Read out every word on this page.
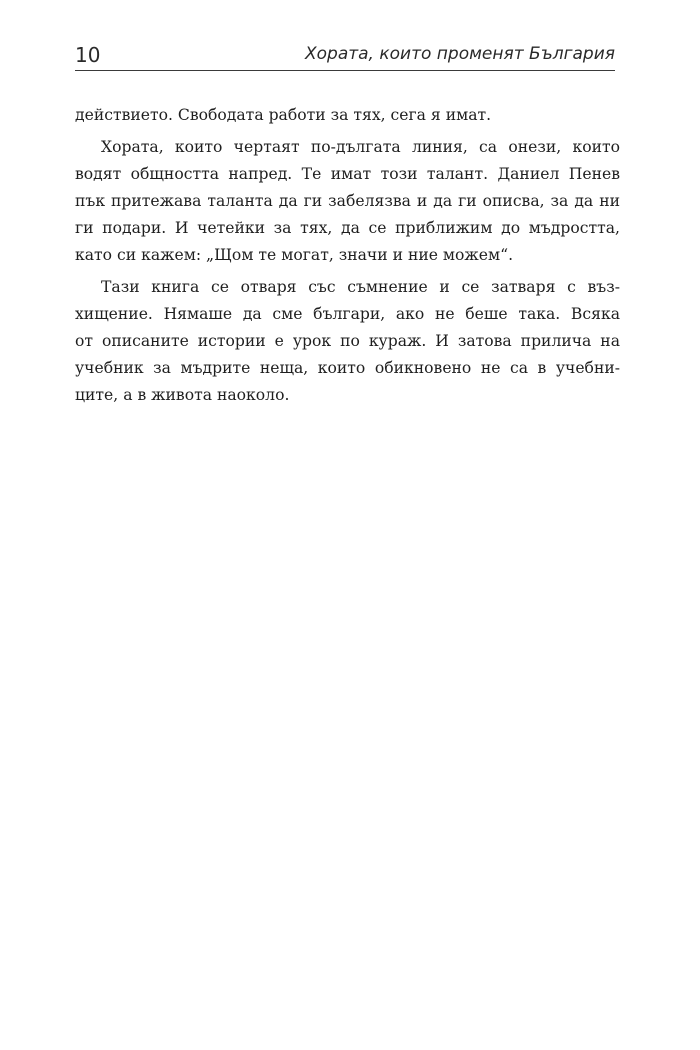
10	Хората, които променят България
действието. Свободата работи за тях, сега я имат.
Хората, които чертаят по-дългата линия, са онези, които
водят общността напред. Те имат този талант. Даниел Пенев
пък притежава таланта да ги забелязва и да ги описва, за да ни
ги подари. И четейки за тях, да се приближим до мъдростта,
като си кажем: „Щом те могат, значи и ние можем“.
Тази книга се отваря със съмнение и се затваря с въз-
хищение. Нямаше да сме българи, ако не беше така. Всяка
от описаните истории е урок по кураж. И затова прилича на
учебник за мъдрите неща, които обикновено не са в учебни-
ците, а в живота наоколо.
